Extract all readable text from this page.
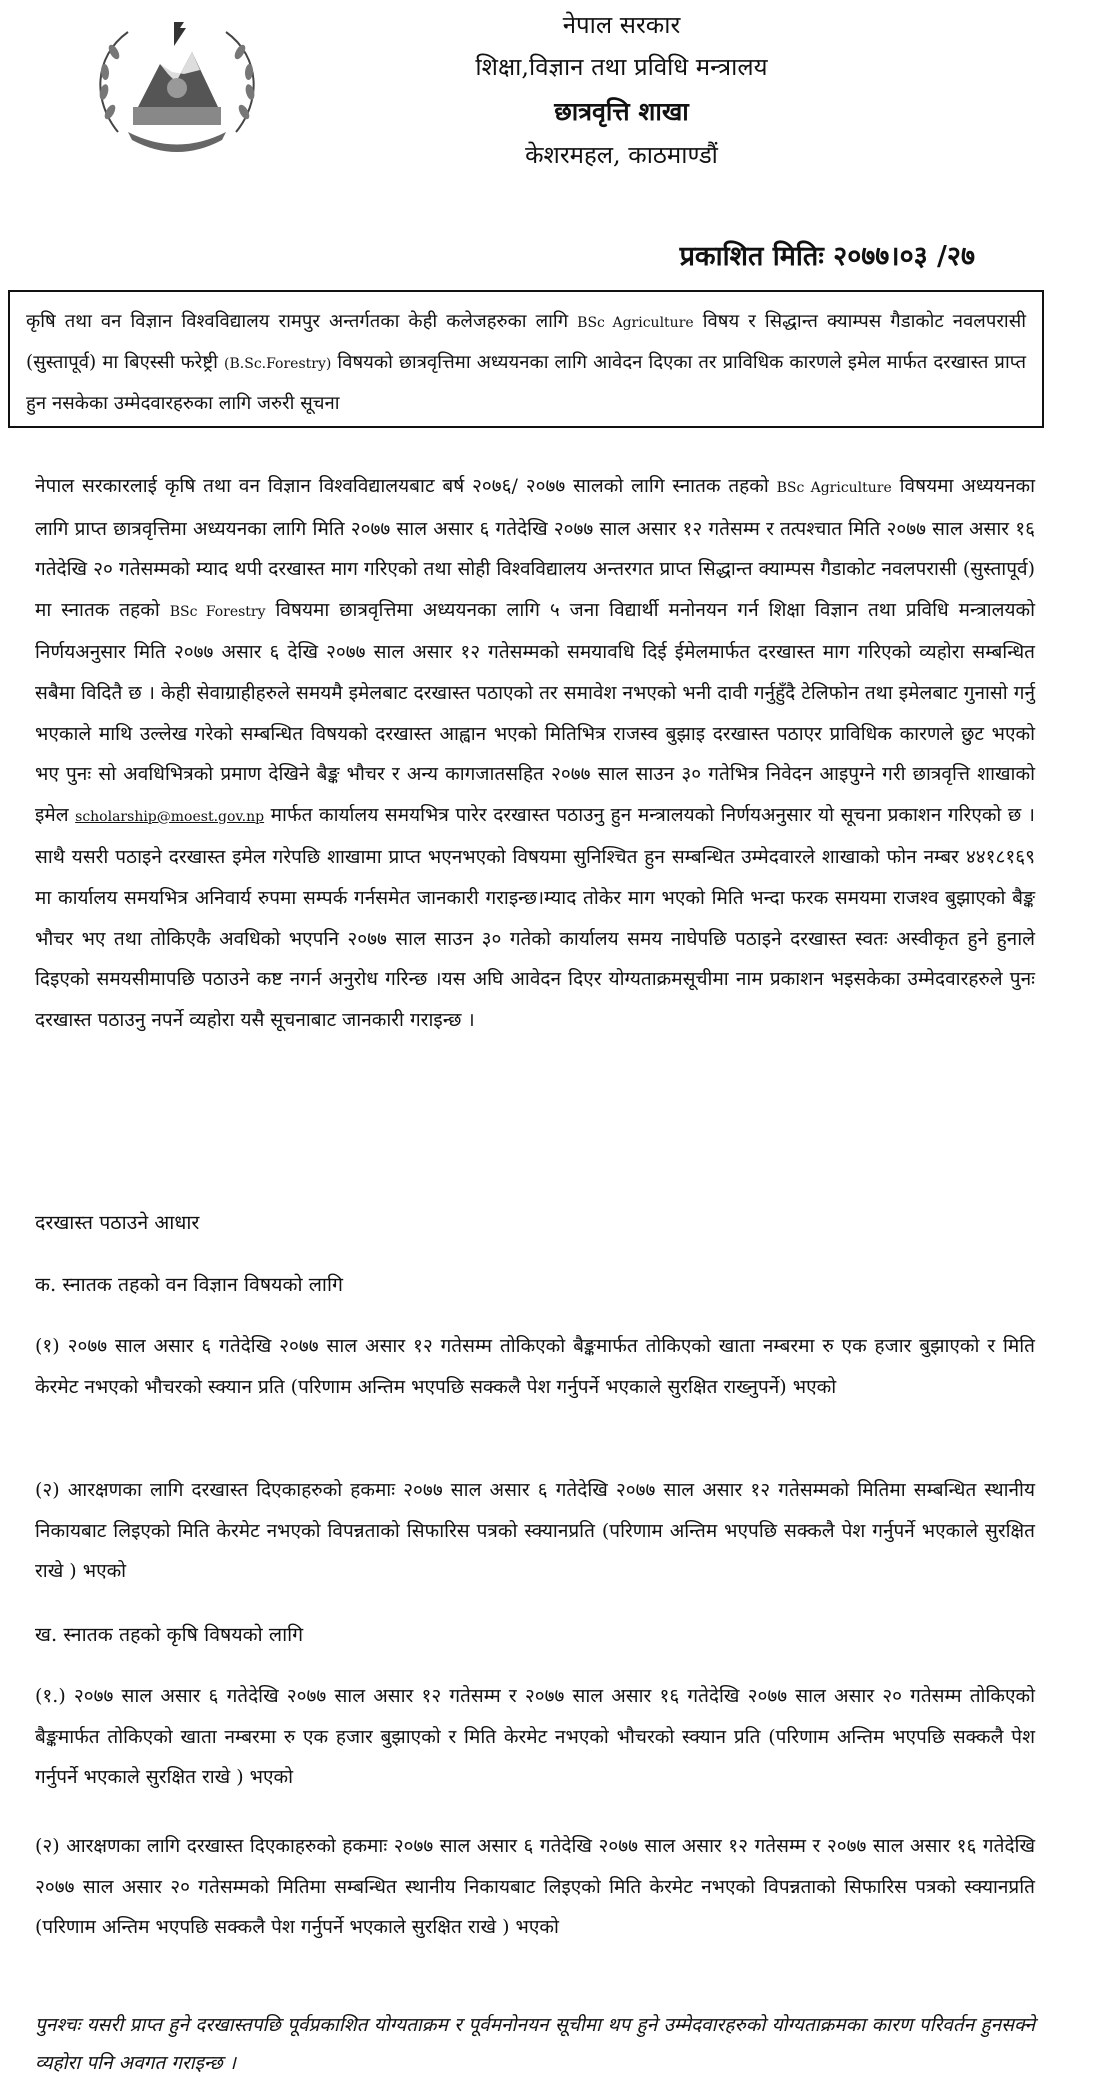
नेपाल सरकार
शिक्षा,विज्ञान तथा प्रविधि मन्त्रालय
छात्रवृत्ति शाखा
केशरमहल, काठमाण्डौं
प्रकाशित मितिः २०७७।०३ /२७
कृषि तथा वन विज्ञान विश्वविद्यालय रामपुर अन्तर्गतका केही कलेजहरुका लागि BSc Agriculture विषय र सिद्धान्त क्याम्पस गैडाकोट नवलपरासी (सुस्तापूर्व) मा बिएस्सी फरेष्ट्री (B.Sc.Forestry) विषयको छात्रवृत्तिमा अध्ययनका लागि आवेदन दिएका तर प्राविधिक कारणले इमेल मार्फत दरखास्त प्राप्त हुन नसकेका उम्मेदवारहरुका लागि जरुरी सूचना

नेपाल सरकारलाई कृषि तथा वन विज्ञान विश्वविद्यालयबाट बर्ष २०७६/ २०७७ सालको लागि स्नातक तहको BSc Agriculture विषयमा अध्ययनका लागि प्राप्त छात्रवृत्तिमा अध्ययनका लागि मिति २०७७ साल असार ६ गतेदेखि २०७७ साल असार १२ गतेसम्म र तत्पश्चात मिति २०७७ साल असार १६ गतेदेखि २० गतेसम्मको म्याद थपी दरखास्त माग गरिएको तथा सोही विश्वविद्यालय अन्तरगत प्राप्त सिद्धान्त क्याम्पस गैडाकोट नवलपरासी (सुस्तापूर्व) मा स्नातक तहको BSc Forestry विषयमा छात्रवृत्तिमा अध्ययनका लागि ५ जना विद्यार्थी मनोनयन गर्न शिक्षा विज्ञान तथा प्रविधि मन्त्रालयको निर्णयअनुसार मिति २०७७ असार ६ देखि २०७७ साल असार १२ गतेसम्मको समयावधि दिई ईमेलमार्फत दरखास्त माग गरिएको व्यहोरा सम्बन्धित सबैमा विदितै छ । केही सेवाग्राहीहरुले समयमै इमेलबाट दरखास्त पठाएको तर समावेश नभएको भनी दावी गर्नुहुँदै टेलिफोन तथा इमेलबाट गुनासो गर्नु भएकाले माथि उल्लेख गरेको सम्बन्धित विषयको दरखास्त आह्वान भएको मितिभित्र राजस्व बुझाइ दरखास्त पठाएर प्राविधिक कारणले छुट भएको भए पुनः सो अवधिभित्रको प्रमाण देखिने बैङ्क भौचर र अन्य कागजातसहित २०७७ साल साउन ३० गतेभित्र निवेदन आइपुग्ने गरी छात्रवृत्ति शाखाको इमेल scholarship@moest.gov.np मार्फत कार्यालय समयभित्र पारेर दरखास्त पठाउनु हुन मन्त्रालयको निर्णयअनुसार यो सूचना प्रकाशन गरिएको छ ।साथै यसरी पठाइने दरखास्त इमेल गरेपछि शाखामा प्राप्त भएनभएको विषयमा सुनिश्चित हुन सम्बन्धित उम्मेदवारले शाखाको फोन नम्बर ४४१८१६९ मा कार्यालय समयभित्र अनिवार्य रुपमा सम्पर्क गर्नसमेत जानकारी गराइन्छ।म्याद तोकेर माग भएको मिति भन्दा फरक समयमा राजश्व बुझाएको बैङ्क भौचर भए तथा तोकिएकै अवधिको भएपनि २०७७ साल साउन ३० गतेको कार्यालय समय नाघेपछि पठाइने दरखास्त स्वतः अस्वीकृत हुने हुनाले दिइएको समयसीमापछि पठाउने कष्ट नगर्न अनुरोध गरिन्छ ।यस अघि आवेदन दिएर योग्यताक्रमसूचीमा नाम प्रकाशन भइसकेका उम्मेदवारहरुले पुनः दरखास्त पठाउनु नपर्ने व्यहोरा यसै सूचनाबाट जानकारी गराइन्छ ।

दरखास्त पठाउने आधार
क. स्नातक तहको वन विज्ञान विषयको लागि
(१) २०७७ साल असार ६ गतेदेखि २०७७ साल असार १२ गतेसम्म तोकिएको बैङ्कमार्फत तोकिएको खाता नम्बरमा रु एक हजार बुझाएको र मिति केरमेट नभएको भौचरको स्क्यान प्रति (परिणाम अन्तिम भएपछि सक्कलै पेश गर्नुपर्ने भएकाले सुरक्षित राख्नुपर्ने) भएको
(२) आरक्षणका लागि दरखास्त दिएकाहरुको हकमाः २०७७ साल असार ६ गतेदेखि २०७७ साल असार १२ गतेसम्मको मितिमा सम्बन्धित स्थानीय निकायबाट लिइएको मिति केरमेट नभएको विपन्नताको सिफारिस पत्रको स्क्यानप्रति (परिणाम अन्तिम भएपछि सक्कलै पेश गर्नुपर्ने भएकाले सुरक्षित राखे ) भएको
ख. स्नातक तहको कृषि विषयको लागि
(१.) २०७७ साल असार ६ गतेदेखि २०७७ साल असार १२ गतेसम्म र २०७७ साल असार १६ गतेदेखि २०७७ साल असार २० गतेसम्म तोकिएको बैङ्कमार्फत तोकिएको खाता नम्बरमा रु एक हजार बुझाएको र मिति केरमेट नभएको भौचरको स्क्यान प्रति (परिणाम अन्तिम भएपछि सक्कलै पेश गर्नुपर्ने भएकाले सुरक्षित राखे ) भएको
(२) आरक्षणका लागि दरखास्त दिएकाहरुको हकमाः २०७७ साल असार ६ गतेदेखि २०७७ साल असार १२ गतेसम्म र २०७७ साल असार १६ गतेदेखि २०७७ साल असार २० गतेसम्मको मितिमा सम्बन्धित स्थानीय निकायबाट लिइएको मिति केरमेट नभएको विपन्नताको सिफारिस पत्रको स्क्यानप्रति (परिणाम अन्तिम भएपछि सक्कलै पेश गर्नुपर्ने भएकाले सुरक्षित राखे ) भएको
पुनश्चः यसरी प्राप्त हुने दरखास्तपछि पूर्वप्रकाशित योग्यताक्रम र पूर्वमनोनयन सूचीमा थप हुने उम्मेदवारहरुको योग्यताक्रमका कारण परिवर्तन हुनसक्ने व्यहोरा पनि अवगत गराइन्छ ।
